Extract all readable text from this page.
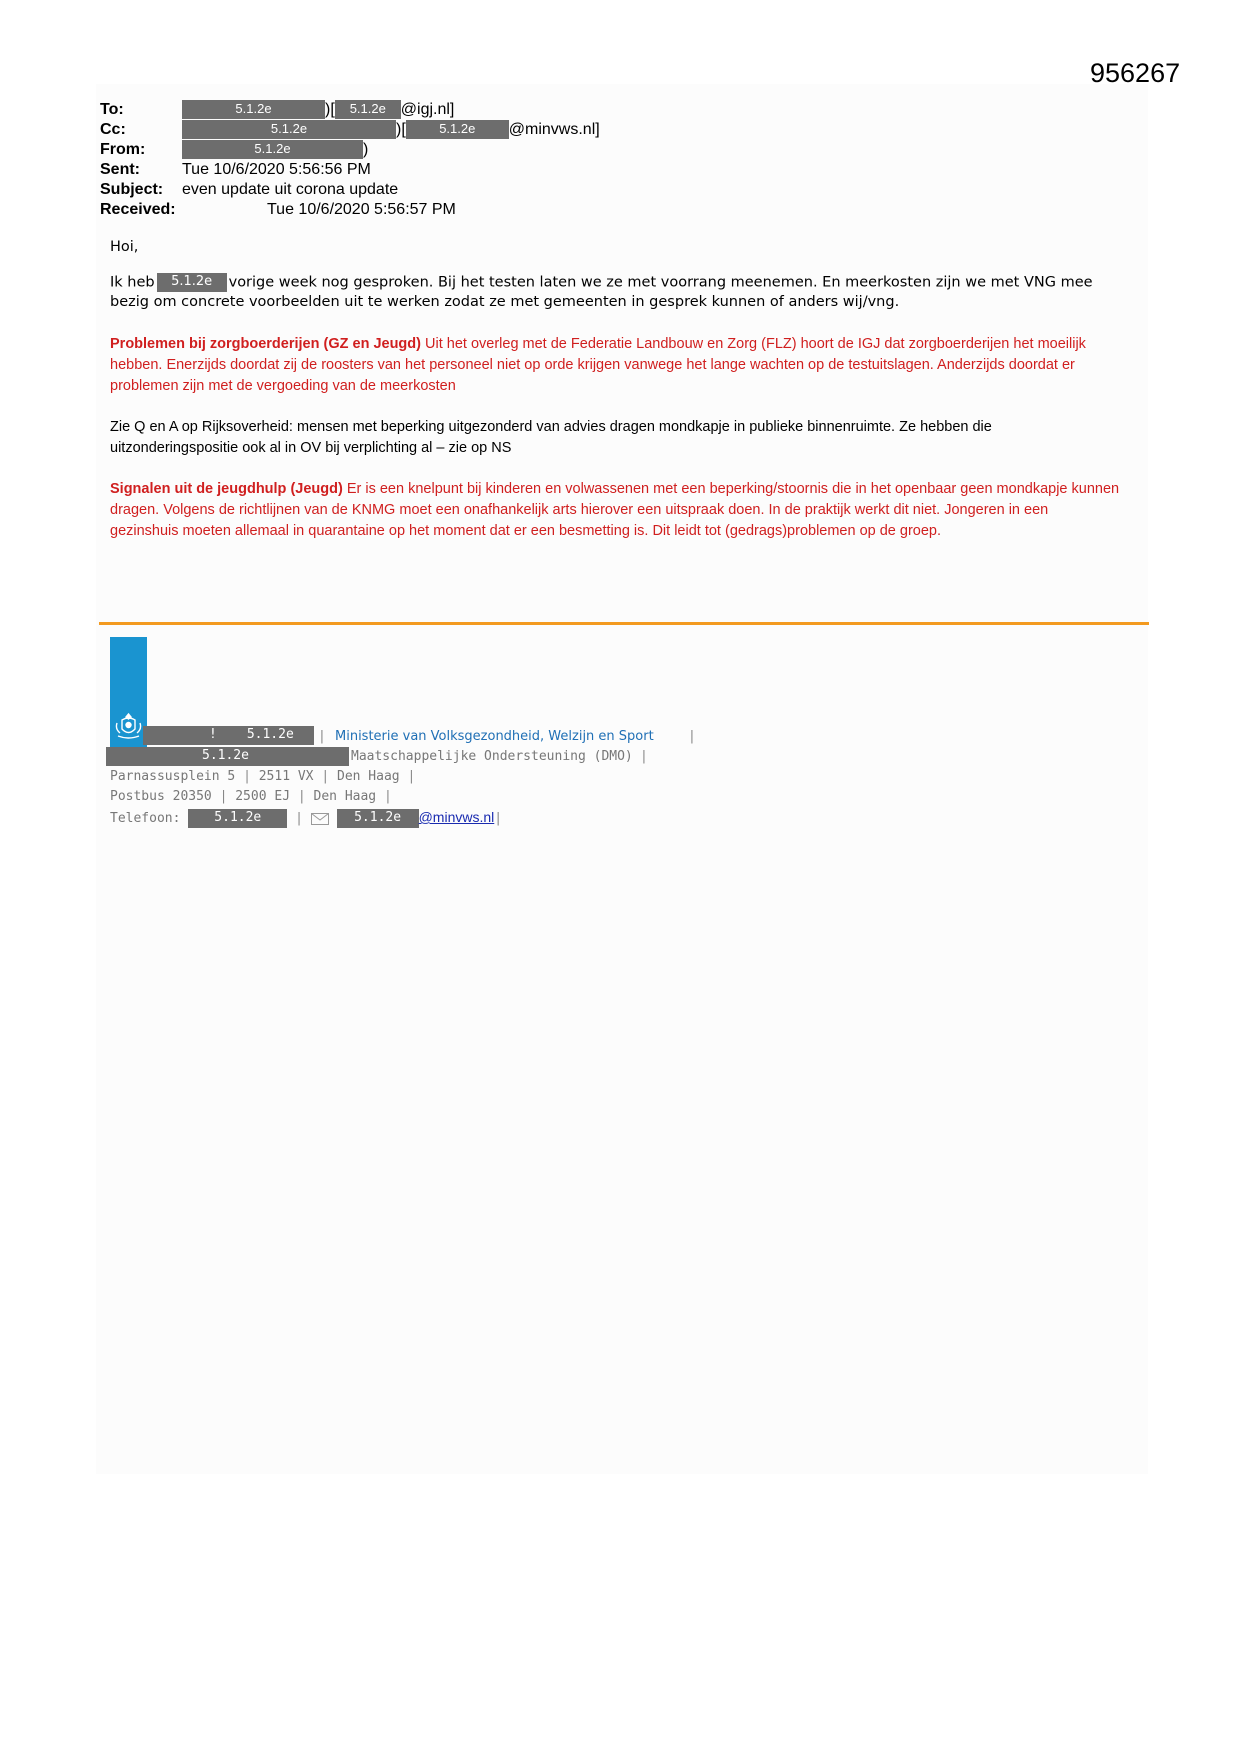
956267
To:	5.1.2e	)[ 5.1.2e @igj.nl]
Cc:	5.1.2e	)[	5.1.2e @minvws.nl]
From:	5.1.2e	)
Sent:	Tue 10/6/2020 5:56:56 PM
Subject: even update uit corona update
Received:	Tue 10/6/2020 5:56:57 PM

Hoi,

Ik heb 5.1.2e vorige week nog gesproken. Bij het testen laten we ze met voorrang meenemen. En meerkosten zijn we met VNG mee bezig om concrete voorbeelden uit te werken zodat ze met gemeenten in gesprek kunnen of anders wij/vng.

Problemen bij zorgboerderijen (GZ en Jeugd) Uit het overleg met de Federatie Landbouw en Zorg (FLZ) hoort de IGJ dat zorgboerderijen het moeilijk hebben. Enerzijds doordat zij de roosters van het personeel niet op orde krijgen vanwege het lange wachten op de testuitslagen. Anderzijds doordat er problemen zijn met de vergoeding van de meerkosten

Zie Q en A op Rijksoverheid: mensen met beperking uitgezonderd van advies dragen mondkapje in publieke binnenruimte. Ze hebben die uitzonderingspositie ook al in OV bij verplichting al – zie op NS

Signalen uit de jeugdhulp (Jeugd) Er is een knelpunt bij kinderen en volwassenen met een beperking/stoornis die in het openbaar geen mondkapje kunnen dragen. Volgens de richtlijnen van de KNMG moet een onafhankelijk arts hierover een uitspraak doen. In de praktijk werkt dit niet. Jongeren in een gezinshuis moeten allemaal in quarantaine op het moment dat er een besmetting is. Dit leidt tot (gedrags)problemen op de groep.

! 5.1.2e	| Ministerie van Volksgezondheid, Welzijn en Sport	|
5.1.2e	Maatschappelijke Ondersteuning (DMO) |
Parnassusplein 5 | 2511 VX | Den Haag |
Postbus 20350 | 2500 EJ | Den Haag |
Telefoon:	5.1.2e	|	5.1.2e @minvws.nl|
